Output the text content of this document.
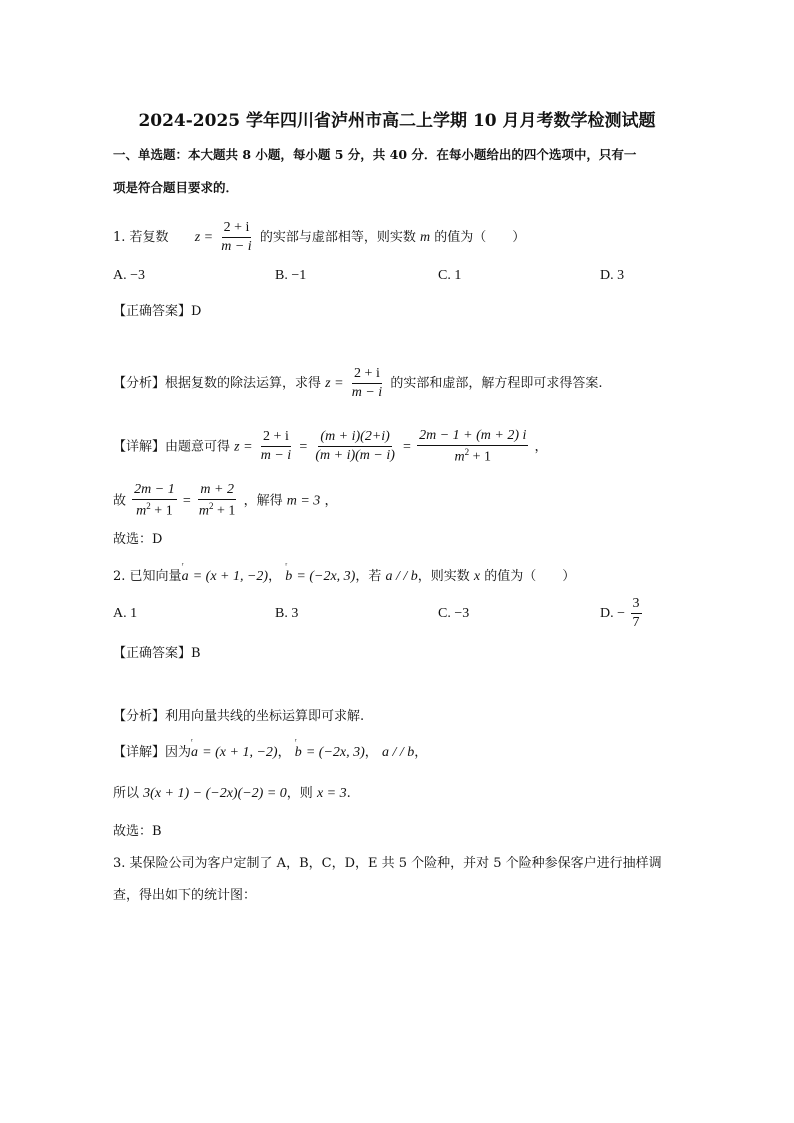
2024-2025 学年四川省泸州市高二上学期 10 月月考数学检测试题
一、单选题：本大题共 8 小题，每小题 5 分，共 40 分．在每小题给出的四个选项中，只有一
项是符合题目要求的．
1. 若复数 $z = \frac{2 + i}{m - i}$ 的实部与虚部相等，则实数 m 的值为（　　）
A. −3	B. −1	C. 1	D. 3
【正确答案】D
【分析】根据复数的除法运算，求得 $z = \frac{2 + i}{m - i}$ 的实部和虚部，解方程即可求得答案.
【详解】由题意可得 $z = \frac{2 + i}{m - i} = \frac{(m + i)(2+i)}{(m + i)(m - i)} = \frac{2m - 1 + (m + 2) i}{m^2 + 1}$ ，
故 $\frac{2m - 1}{m^2 + 1} = \frac{m + 2}{m^2 + 1}$ ，解得 m = 3 ，
故选：D
2. 已知向量
ʳ
a = (x + 1, −2)，
ʳ
b = (−2x, 3)，若 a / / b，则实数 x 的值为（　　）
A. 1	B. 3	C. −3	D. − $\frac{3}{7}$
【正确答案】B
【分析】利用向量共线的坐标运算即可求解.
【详解】因为
ʳ
a = (x + 1, −2)，
ʳ
b = (−2x, 3)， a / / b，
所以 3(x + 1) − (−2x)(−2) = 0，则 x = 3.
故选：B
3. 某保险公司为客户定制了 A，B，C，D，E 共 5 个险种，并对 5 个险种参保客户进行抽样调
查，得出如下的统计图：
